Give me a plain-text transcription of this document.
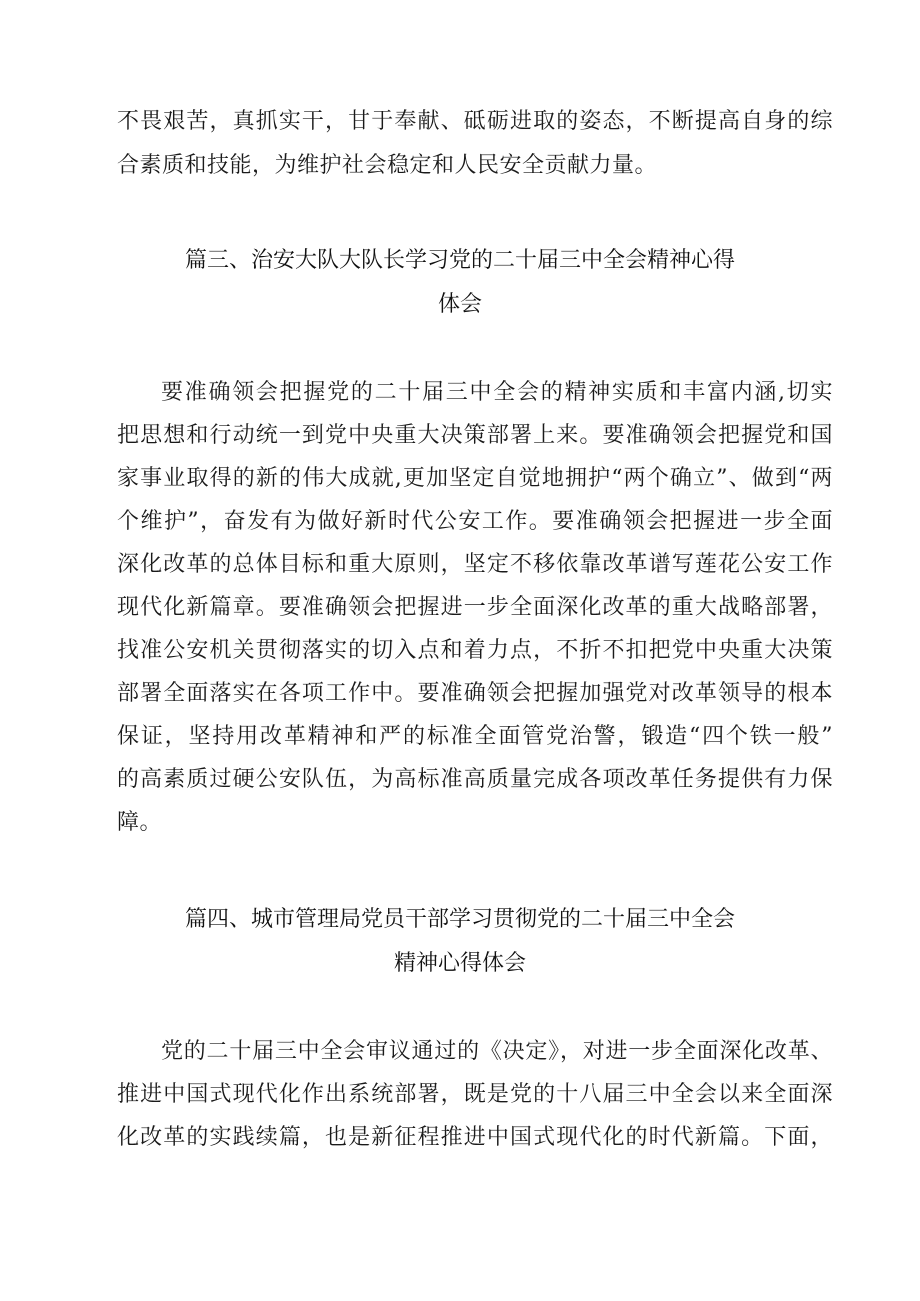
不畏艰苦，真抓实干，甘于奉献、砥砺进取的姿态，不断提高自身的综
合素质和技能，为维护社会稳定和人民安全贡献力量。
篇三、治安大队大队长学习党的二十届三中全会精神心得
体会
要准确领会把握党的二十届三中全会的精神实质和丰富内涵,切实
把思想和行动统一到党中央重大决策部署上来。要准确领会把握党和国
家事业取得的新的伟大成就,更加坚定自觉地拥护“两个确立”、做到“两
个维护”，奋发有为做好新时代公安工作。要准确领会把握进一步全面
深化改革的总体目标和重大原则，坚定不移依靠改革谱写莲花公安工作
现代化新篇章。要准确领会把握进一步全面深化改革的重大战略部署，
找准公安机关贯彻落实的切入点和着力点，不折不扣把党中央重大决策
部署全面落实在各项工作中。要准确领会把握加强党对改革领导的根本
保证，坚持用改革精神和严的标准全面管党治警，锻造“四个铁一般”
的高素质过硬公安队伍，为高标准高质量完成各项改革任务提供有力保
障。
篇四、城市管理局党员干部学习贯彻党的二十届三中全会
精神心得体会
党的二十届三中全会审议通过的《决定》，对进一步全面深化改革、
推进中国式现代化作出系统部署，既是党的十八届三中全会以来全面深
化改革的实践续篇，也是新征程推进中国式现代化的时代新篇。下面，
